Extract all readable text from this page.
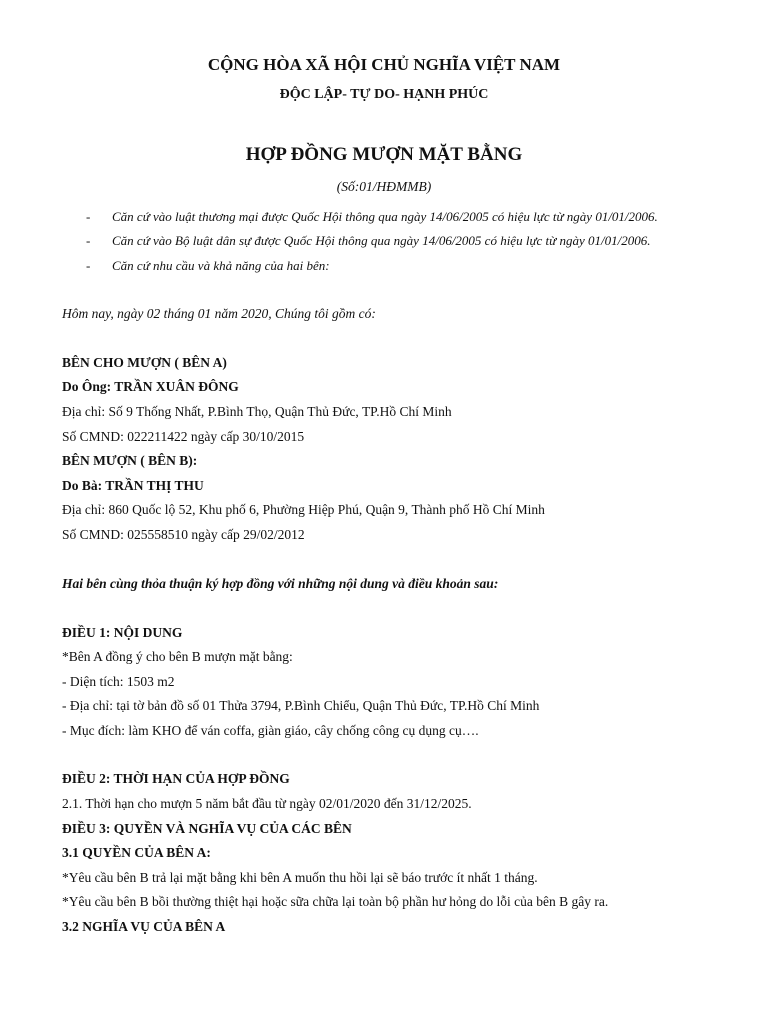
CỘNG HÒA XÃ HỘI CHỦ NGHĨA VIỆT NAM
ĐỘC LẬP- TỰ DO- HẠNH PHÚC
HỢP ĐỒNG MƯỢN MẶT BẰNG
(Số:01/HĐMMB)
- Căn cứ vào luật thương mại được Quốc Hội thông qua ngày 14/06/2005 có hiệu lực từ ngày 01/01/2006.
- Căn cứ vào Bộ luật dân sự được Quốc Hội thông qua ngày 14/06/2005 có hiệu lực từ ngày 01/01/2006.
- Căn cứ nhu cầu và khả năng của hai bên:
Hôm nay, ngày 02 tháng 01 năm 2020, Chúng tôi gồm có:
BÊN CHO MƯỢN ( BÊN A)
Do Ông: TRẦN XUÂN ĐÔNG
Địa chỉ: Số 9 Thống Nhất, P.Bình Thọ, Quận Thủ Đức, TP.Hồ Chí Minh
Số CMND: 022211422 ngày cấp 30/10/2015
BÊN MƯỢN ( BÊN B):
Do Bà: TRẦN THỊ THU
Địa chỉ: 860 Quốc lộ 52, Khu phố 6, Phường Hiệp Phú, Quận 9, Thành phố Hồ Chí Minh
Số CMND: 025558510 ngày cấp 29/02/2012
Hai bên cùng thỏa thuận ký hợp đồng với những nội dung và điều khoản sau:
ĐIỀU 1: NỘI DUNG
*Bên A đồng ý cho bên B mượn mặt bằng:
- Diện tích: 1503 m2
- Địa chỉ: tại tờ bản đồ số 01 Thửa 3794, P.Bình Chiểu, Quận Thủ Đức, TP.Hồ Chí Minh
- Mục đích: làm KHO để ván coffa, giàn giáo, cây chống công cụ dụng cụ….
ĐIỀU 2: THỜI HẠN CỦA HỢP ĐỒNG
2.1. Thời hạn cho mượn 5 năm bắt đầu từ ngày 02/01/2020 đến 31/12/2025.
ĐIỀU 3: QUYỀN VÀ NGHĨA VỤ CỦA CÁC BÊN
3.1 QUYỀN CỦA BÊN A:
*Yêu cầu bên B trả lại mặt bằng khi bên A muốn thu hồi lại sẽ báo trước ít nhất 1 tháng.
*Yêu cầu bên B bồi thường thiệt hại hoặc sữa chữa lại toàn bộ phần hư hỏng do lỗi của bên B gây ra.
3.2 NGHĨA VỤ CỦA BÊN A
